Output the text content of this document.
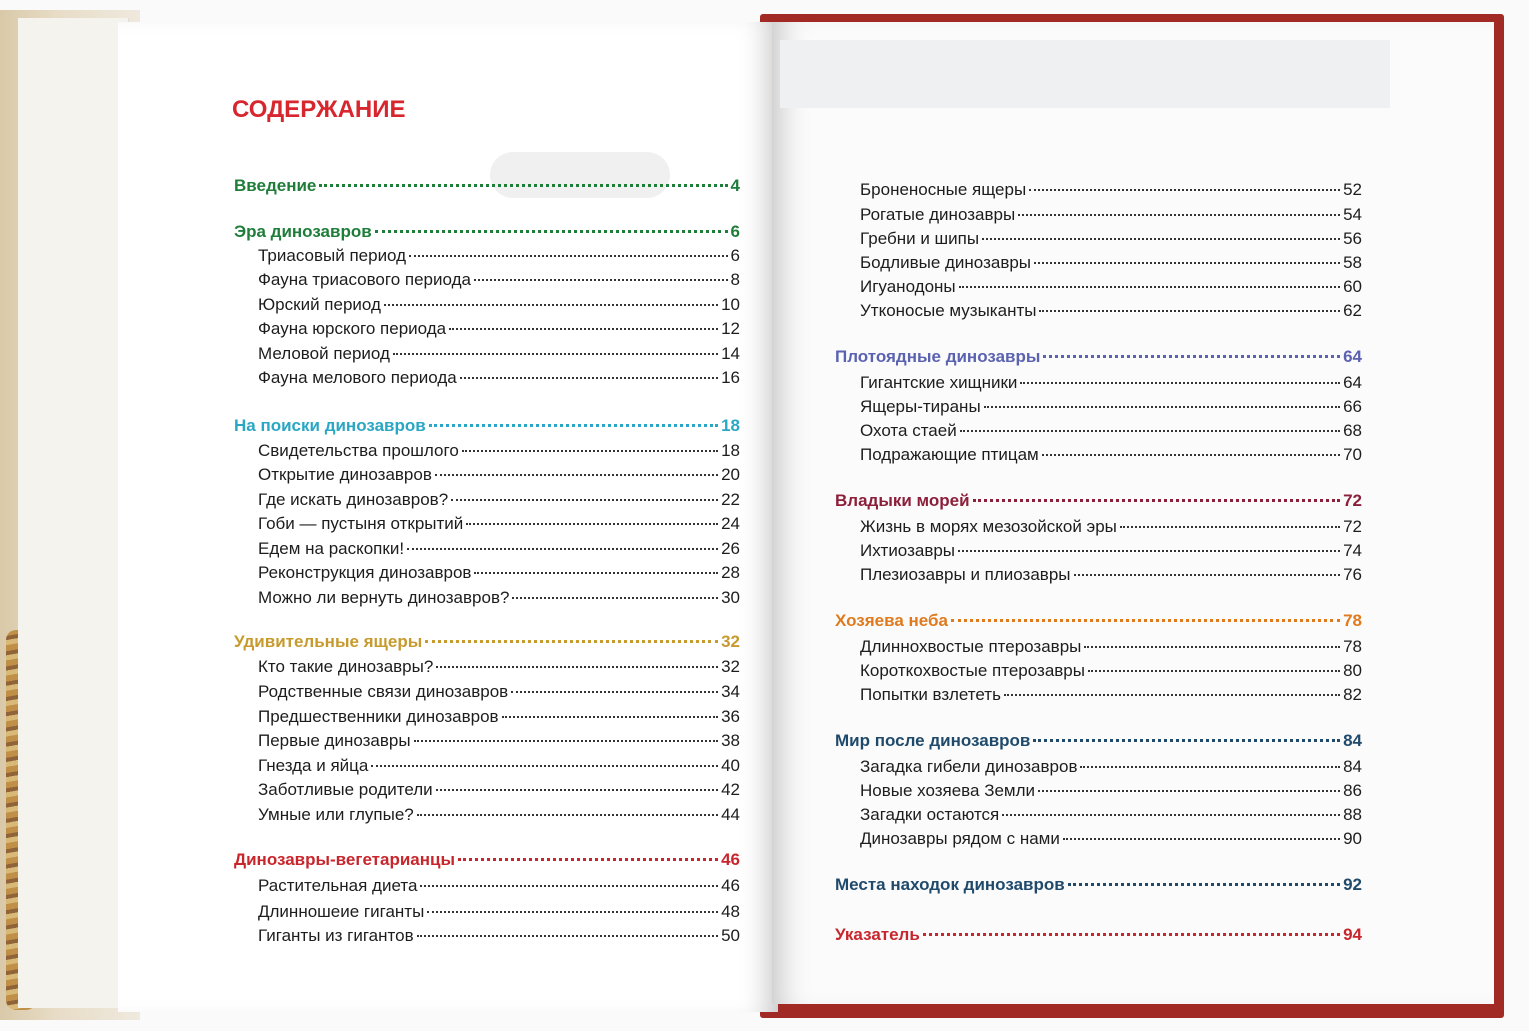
СОДЕРЖАНИЕ
Введение	4
Эра динозавров	6
Триасовый период	6
Фауна триасового периода	8
Юрский период	10
Фауна юрского периода	12
Меловой период	14
Фауна мелового периода	16
На поиски динозавров	18
Свидетельства прошлого	18
Открытие динозавров	20
Где искать динозавров?	22
Гоби — пустыня открытий	24
Едем на раскопки!	26
Реконструкция динозавров	28
Можно ли вернуть динозавров?	30
Удивительные ящеры	32
Кто такие динозавры?	32
Родственные связи динозавров	34
Предшественники динозавров	36
Первые динозавры	38
Гнезда и яйца	40
Заботливые родители	42
Умные или глупые?	44
Динозавры-вегетарианцы	46
Растительная диета	46
Длинношеие гиганты	48
Гиганты из гигантов	50
Броненосные ящеры	52
Рогатые динозавры	54
Гребни и шипы	56
Бодливые динозавры	58
Игуанодоны	60
Утконосые музыканты	62
Плотоядные динозавры	64
Гигантские хищники	64
Ящеры-тираны	66
Охота стаей	68
Подражающие птицам	70
Владыки морей	72
Жизнь в морях мезозойской эры	72
Ихтиозавры	74
Плезиозавры и плиозавры	76
Хозяева неба	78
Длиннохвостые птерозавры	78
Короткохвостые птерозавры	80
Попытки взлететь	82
Мир после динозавров	84
Загадка гибели динозавров	84
Новые хозяева Земли	86
Загадки остаются	88
Динозавры рядом с нами	90
Места находок динозавров	92
Указатель	94
